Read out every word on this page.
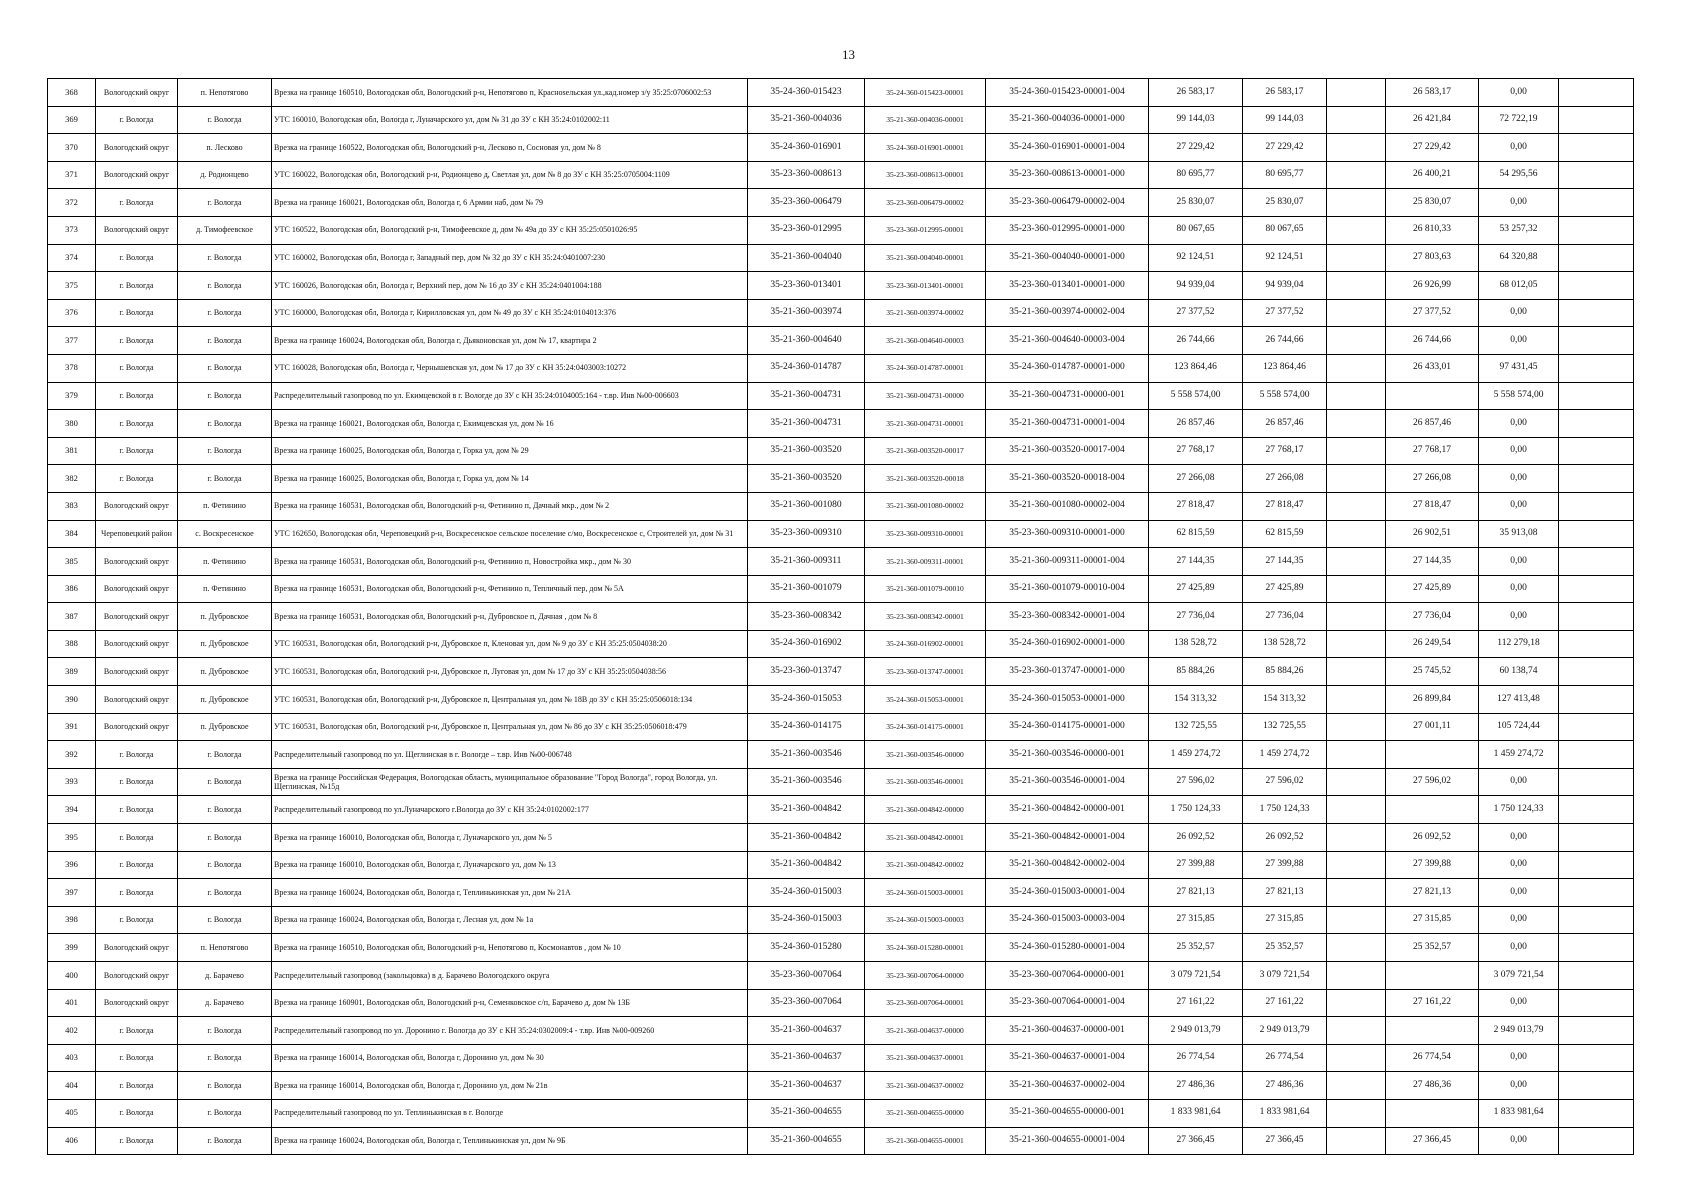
13
368	Вологодский округ	п. Непотягово	Врезка на границе 160510, Вологодская обл, Вологодский р-н, Непотягово п, Краснosельская ул.,кад.номер з/у 35:25:0706002:53	35-24-360-015423	35-24-360-015423-00001	35-24-360-015423-00001-004	26 583,17	26 583,17		26 583,17	0,00	
369	г. Вологда	г. Вологда	УТС 160010, Вологодская обл, Вологда г, Луначарского ул, дом № 31 до ЗУ с КН 35:24:0102002:11	35-21-360-004036	35-21-360-004036-00001	35-21-360-004036-00001-000	99 144,03	99 144,03		26 421,84	72 722,19	
370	Вологодский округ	п. Лесково	Врезка на границе 160522, Вологодская обл, Вологодский р-н, Лесково п, Сосновая ул, дом № 8	35-24-360-016901	35-24-360-016901-00001	35-24-360-016901-00001-004	27 229,42	27 229,42		27 229,42	0,00	
371	Вологодский округ	д. Родионцево	УТС 160022, Вологодская обл, Вологодский р-н, Родионцево д, Светлая ул, дом № 8 до ЗУ с КН 35:25:0705004:1109	35-23-360-008613	35-23-360-008613-00001	35-23-360-008613-00001-000	80 695,77	80 695,77		26 400,21	54 295,56	
372	г. Вологда	г. Вологда	Врезка на границе 160021, Вологодская обл, Вологда г, 6 Армии наб, дом № 79	35-23-360-006479	35-23-360-006479-00002	35-23-360-006479-00002-004	25 830,07	25 830,07		25 830,07	0,00	
373	Вологодский округ	д. Тимофеевское	УТС 160522, Вологодская обл, Вологодский р-н, Тимофеевское д, дом № 49а до ЗУ с КН 35:25:0501026:95	35-23-360-012995	35-23-360-012995-00001	35-23-360-012995-00001-000	80 067,65	80 067,65		26 810,33	53 257,32	
374	г. Вологда	г. Вологда	УТС 160002, Вологодская обл, Вологда г, Западный пер, дом № 32 до ЗУ с КН 35:24:0401007:230	35-21-360-004040	35-21-360-004040-00001	35-21-360-004040-00001-000	92 124,51	92 124,51		27 803,63	64 320,88	
375	г. Вологда	г. Вологда	УТС 160026, Вологодская обл, Вологда г, Верхний пер, дом № 16 до ЗУ с КН 35:24:0401004:188	35-23-360-013401	35-23-360-013401-00001	35-23-360-013401-00001-000	94 939,04	94 939,04		26 926,99	68 012,05	
376	г. Вологда	г. Вологда	УТС 160000, Вологодская обл, Вологда г, Кирилловская ул, дом № 49 до ЗУ с КН 35:24:0104013:376	35-21-360-003974	35-21-360-003974-00002	35-21-360-003974-00002-004	27 377,52	27 377,52		27 377,52	0,00	
377	г. Вологда	г. Вологда	Врезка на границе 160024, Вологодская обл, Вологда г, Дьяконовская ул, дом № 17, квартира 2	35-21-360-004640	35-21-360-004640-00003	35-21-360-004640-00003-004	26 744,66	26 744,66		26 744,66	0,00	
378	г. Вологда	г. Вологда	УТС 160028, Вологодская обл, Вологда г, Чернышевская ул, дом № 17 до ЗУ с КН 35:24:0403003:10272	35-24-360-014787	35-24-360-014787-00001	35-24-360-014787-00001-000	123 864,46	123 864,46		26 433,01	97 431,45	
379	г. Вологда	г. Вологда	Распределительный газопровод по ул. Екимцевской в г. Вологде до ЗУ с КН 35:24:0104005:164 - т.вр. Инв №00-006603	35-21-360-004731	35-21-360-004731-00000	35-21-360-004731-00000-001	5 558 574,00	5 558 574,00			5 558 574,00	
380	г. Вологда	г. Вологда	Врезка на границе 160021, Вологодская обл, Вологда г, Екимцевская ул, дом № 16	35-21-360-004731	35-21-360-004731-00001	35-21-360-004731-00001-004	26 857,46	26 857,46		26 857,46	0,00	
381	г. Вологда	г. Вологда	Врезка на границе 160025, Вологодская обл, Вологда г, Горка ул, дом № 29	35-21-360-003520	35-21-360-003520-00017	35-21-360-003520-00017-004	27 768,17	27 768,17		27 768,17	0,00	
382	г. Вологда	г. Вологда	Врезка на границе 160025, Вологодская обл, Вологда г, Горка ул, дом № 14	35-21-360-003520	35-21-360-003520-00018	35-21-360-003520-00018-004	27 266,08	27 266,08		27 266,08	0,00	
383	Вологодский округ	п. Фетинино	Врезка на границе 160531, Вологодская обл, Вологодский р-н, Фетинино п, Дачный мкр., дом № 2	35-21-360-001080	35-21-360-001080-00002	35-21-360-001080-00002-004	27 818,47	27 818,47		27 818,47	0,00	
384	Череповецкий район	с. Воскресенское	УТС 162650, Вологодская обл, Череповецкий р-н, Воскресенское сельское поселение с/мо, Воскресенское с, Строителей ул, дом № 31	35-23-360-009310	35-23-360-009310-00001	35-23-360-009310-00001-000	62 815,59	62 815,59		26 902,51	35 913,08	
385	Вологодский округ	п. Фетинино	Врезка на границе 160531, Вологодская обл, Вологодский р-н, Фетинино п, Новостройка мкр., дом № 30	35-21-360-009311	35-21-360-009311-00001	35-21-360-009311-00001-004	27 144,35	27 144,35		27 144,35	0,00	
386	Вологодский округ	п. Фетинино	Врезка на границе 160531, Вологодская обл, Вологодский р-н, Фетинино п, Тепличный пер, дом № 5А	35-21-360-001079	35-21-360-001079-00010	35-21-360-001079-00010-004	27 425,89	27 425,89		27 425,89	0,00	
387	Вологодский округ	п. Дубровское	Врезка на границе 160531, Вологодская обл, Вологодский р-н, Дубровское п, Дачная , дом № 8	35-23-360-008342	35-23-360-008342-00001	35-23-360-008342-00001-004	27 736,04	27 736,04		27 736,04	0,00	
388	Вологодский округ	п. Дубровское	УТС 160531, Вологодская обл, Вологодский р-н, Дубровское п, Кленовая ул, дом № 9 до ЗУ с КН 35:25:0504038:20	35-24-360-016902	35-24-360-016902-00001	35-24-360-016902-00001-000	138 528,72	138 528,72		26 249,54	112 279,18	
389	Вологодский округ	п. Дубровское	УТС 160531, Вологодская обл, Вологодский р-н, Дубровское п, Луговая ул, дом № 17 до ЗУ с КН 35:25:0504038:56	35-23-360-013747	35-23-360-013747-00001	35-23-360-013747-00001-000	85 884,26	85 884,26		25 745,52	60 138,74	
390	Вологодский округ	п. Дубровское	УТС 160531, Вологодская обл, Вологодский р-н, Дубровское п, Центральная ул, дом № 18В до ЗУ с КН 35:25:0506018:134	35-24-360-015053	35-24-360-015053-00001	35-24-360-015053-00001-000	154 313,32	154 313,32		26 899,84	127 413,48	
391	Вологодский округ	п. Дубровское	УТС 160531, Вологодская обл, Вологодский р-н, Дубровское п, Центральная ул, дом № 86 до ЗУ с КН 35:25:0506018:479	35-24-360-014175	35-24-360-014175-00001	35-24-360-014175-00001-000	132 725,55	132 725,55		27 001,11	105 724,44	
392	г. Вологда	г. Вологда	Распределительный газопровод по ул. Щеглинская в г. Вологде – т.вр. Инв №00-006748	35-21-360-003546	35-21-360-003546-00000	35-21-360-003546-00000-001	1 459 274,72	1 459 274,72			1 459 274,72	
393	г. Вологда	г. Вологда	Врезка на границе Российская Федерация, Вологодская область, муниципальное образование "Город Вологда", город Вологда, ул. Щеглинская, №15д	35-21-360-003546	35-21-360-003546-00001	35-21-360-003546-00001-004	27 596,02	27 596,02		27 596,02	0,00	
394	г. Вологда	г. Вологда	Распределительный газопровод по ул.Луначарского г.Вологда до ЗУ с КН 35:24:0102002:177	35-21-360-004842	35-21-360-004842-00000	35-21-360-004842-00000-001	1 750 124,33	1 750 124,33			1 750 124,33	
395	г. Вологда	г. Вологда	Врезка на границе 160010, Вологодская обл, Вологда г, Луначарского ул, дом № 5	35-21-360-004842	35-21-360-004842-00001	35-21-360-004842-00001-004	26 092,52	26 092,52		26 092,52	0,00	
396	г. Вологда	г. Вологда	Врезка на границе 160010, Вологодская обл, Вологда г, Луначарского ул, дом № 13	35-21-360-004842	35-21-360-004842-00002	35-21-360-004842-00002-004	27 399,88	27 399,88		27 399,88	0,00	
397	г. Вологда	г. Вологда	Врезка на границе 160024, Вологодская обл, Вологда г, Теплинькинская ул, дом № 21А	35-24-360-015003	35-24-360-015003-00001	35-24-360-015003-00001-004	27 821,13	27 821,13		27 821,13	0,00	
398	г. Вологда	г. Вологда	Врезка на границе 160024, Вологодская обл, Вологда г, Лесная ул, дом № 1а	35-24-360-015003	35-24-360-015003-00003	35-24-360-015003-00003-004	27 315,85	27 315,85		27 315,85	0,00	
399	Вологодский округ	п. Непотягово	Врезка на границе 160510, Вологодская обл, Вологодский р-н, Непотягово п, Космонавтов , дом № 10	35-24-360-015280	35-24-360-015280-00001	35-24-360-015280-00001-004	25 352,57	25 352,57		25 352,57	0,00	
400	Вологодский округ	д. Барачево	Распределительный газопровод (закольцовка) в д. Барачево Вологодского округа	35-23-360-007064	35-23-360-007064-00000	35-23-360-007064-00000-001	3 079 721,54	3 079 721,54			3 079 721,54	
401	Вологодский округ	д. Барачево	Врезка на границе 160901, Вологодская обл, Вологодский р-н, Семенковское с/п, Барачево д, дом № 13Б	35-23-360-007064	35-23-360-007064-00001	35-23-360-007064-00001-004	27 161,22	27 161,22		27 161,22	0,00	
402	г. Вологда	г. Вологда	Распределительный газопровод по ул. Доронино г. Вологда до ЗУ с КН 35:24:0302009:4 - т.вр. Инв №00-009260	35-21-360-004637	35-21-360-004637-00000	35-21-360-004637-00000-001	2 949 013,79	2 949 013,79			2 949 013,79	
403	г. Вологда	г. Вологда	Врезка на границе 160014, Вологодская обл, Вологда г, Доронино ул, дом № 30	35-21-360-004637	35-21-360-004637-00001	35-21-360-004637-00001-004	26 774,54	26 774,54		26 774,54	0,00	
404	г. Вологда	г. Вологда	Врезка на границе 160014, Вологодская обл, Вологда г, Доронино ул, дом № 21в	35-21-360-004637	35-21-360-004637-00002	35-21-360-004637-00002-004	27 486,36	27 486,36		27 486,36	0,00	
405	г. Вологда	г. Вологда	Распределительный газопровод по ул. Теплинькинская в г. Вологде	35-21-360-004655	35-21-360-004655-00000	35-21-360-004655-00000-001	1 833 981,64	1 833 981,64			1 833 981,64	
406	г. Вологда	г. Вологда	Врезка на границе 160024, Вологодская обл, Вологда г, Теплинькинская ул, дом № 9Б	35-21-360-004655	35-21-360-004655-00001	35-21-360-004655-00001-004	27 366,45	27 366,45		27 366,45	0,00	
